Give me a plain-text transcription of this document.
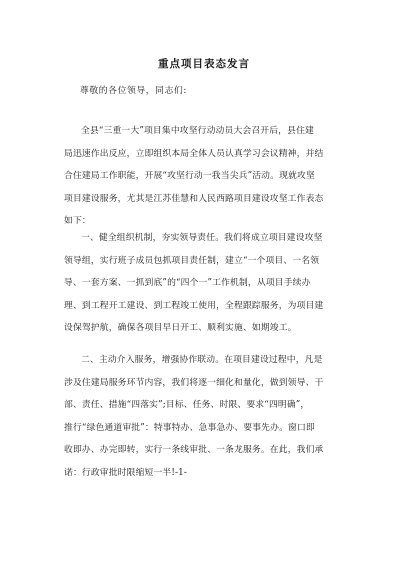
重点项目表态发言
尊敬的各位领导，同志们:
全县“三重一大”项目集中攻坚行动动员大会召开后，县住建
局迅速作出反应，立即组织本局全体人员认真学习会议精神，并结
合住建局工作职能，开展“攻坚行动一我当尖兵”活动。现就攻坚
项目建设服务，尤其是江苏佳慧和人民西路项目建设攻坚工作表态
如下：
一、健全组织机制，夯实领导责任。我们将成立项目建设攻坚
领导组，实行班子成员包抓项目责任制，建立“一个项目、一名领
导、一套方案、一抓到底”的“四个一”工作机制，从项目手续办
理、到工程开工建设、到工程竣工使用，全程跟踪服务，为项目建
设保驾护航，确保各项目早日开工、顺利实施、如期竣工。
二、主动介入服务，增强协作联动。在项目建设过程中，凡是
涉及住建局服务环节内容，我们将逐一细化和量化，做到领导、干
部、责任、措施“四落实”;目标、任务、时限、要求“四明确”，
推行“绿色通道审批”：特事特办、急事急办、要事先办。窗口即
收即办、办完即转，实行一条线审批、一条龙服务。在此，我们承
诺：行政审批时限缩短一半!-1-
